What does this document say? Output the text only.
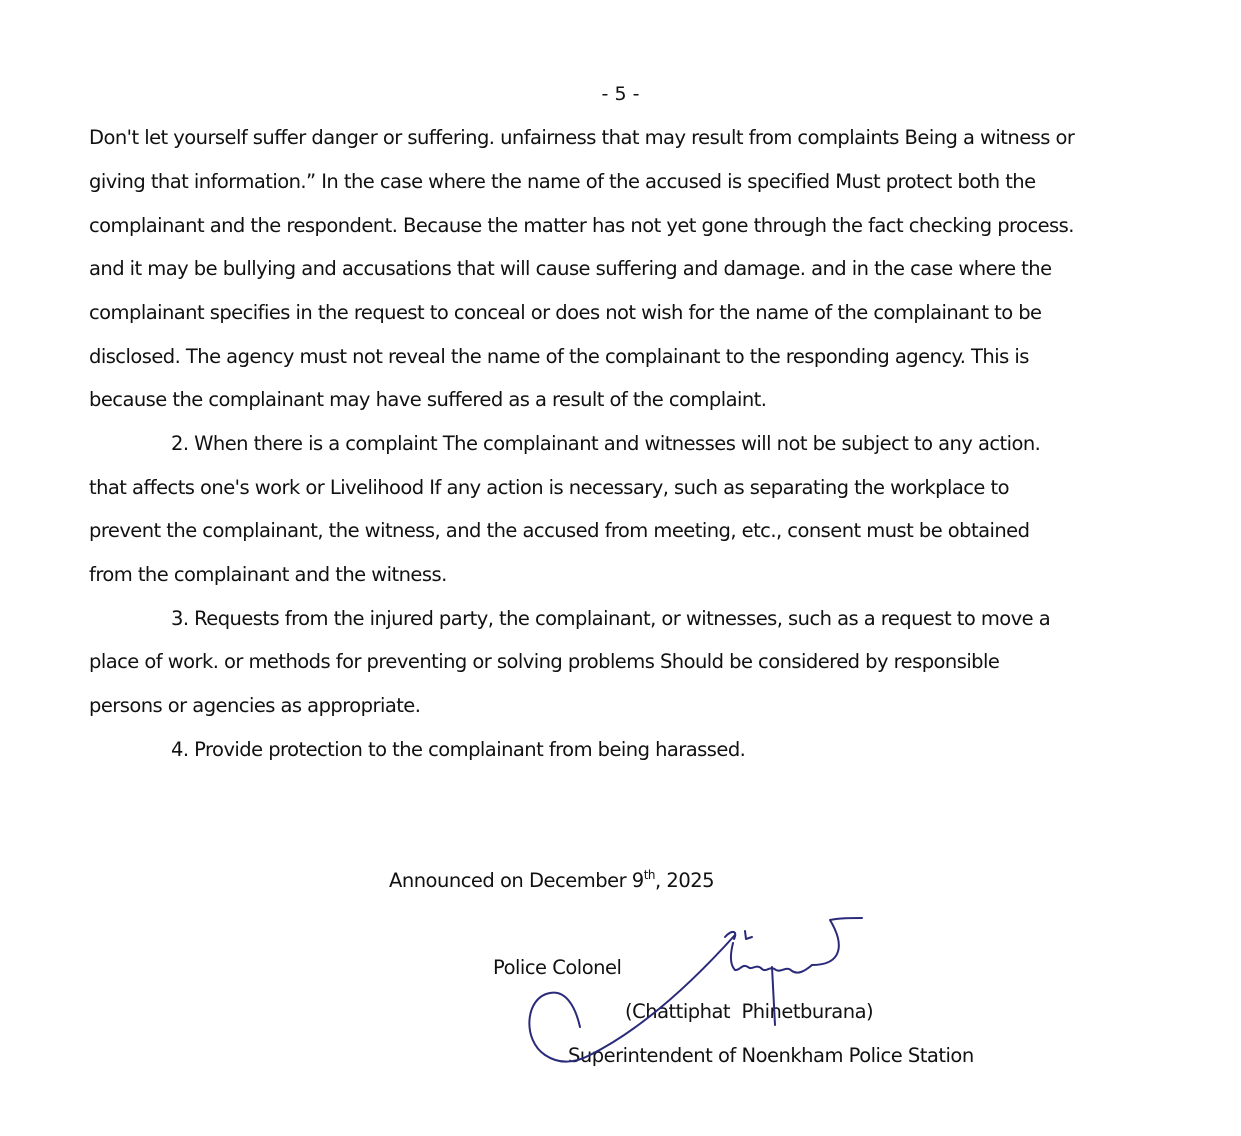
- 5 -
Don't let yourself suffer danger or suffering. unfairness that may result from complaints Being a witness or
giving that information.” In the case where the name of the accused is specified Must protect both the
complainant and the respondent. Because the matter has not yet gone through the fact checking process.
and it may be bullying and accusations that will cause suffering and damage. and in the case where the
complainant specifies in the request to conceal or does not wish for the name of the complainant to be
disclosed. The agency must not reveal the name of the complainant to the responding agency. This is
because the complainant may have suffered as a result of the complaint.
2. When there is a complaint The complainant and witnesses will not be subject to any action.
that affects one's work or Livelihood If any action is necessary, such as separating the workplace to
prevent the complainant, the witness, and the accused from meeting, etc., consent must be obtained
from the complainant and the witness.
3. Requests from the injured party, the complainant, or witnesses, such as a request to move a
place of work. or methods for preventing or solving problems Should be considered by responsible
persons or agencies as appropriate.
4. Provide protection to the complainant from being harassed.
Announced on December 9th, 2025
Police Colonel
(Chattiphat  Phinetburana)
Superintendent of Noenkham Police Station
